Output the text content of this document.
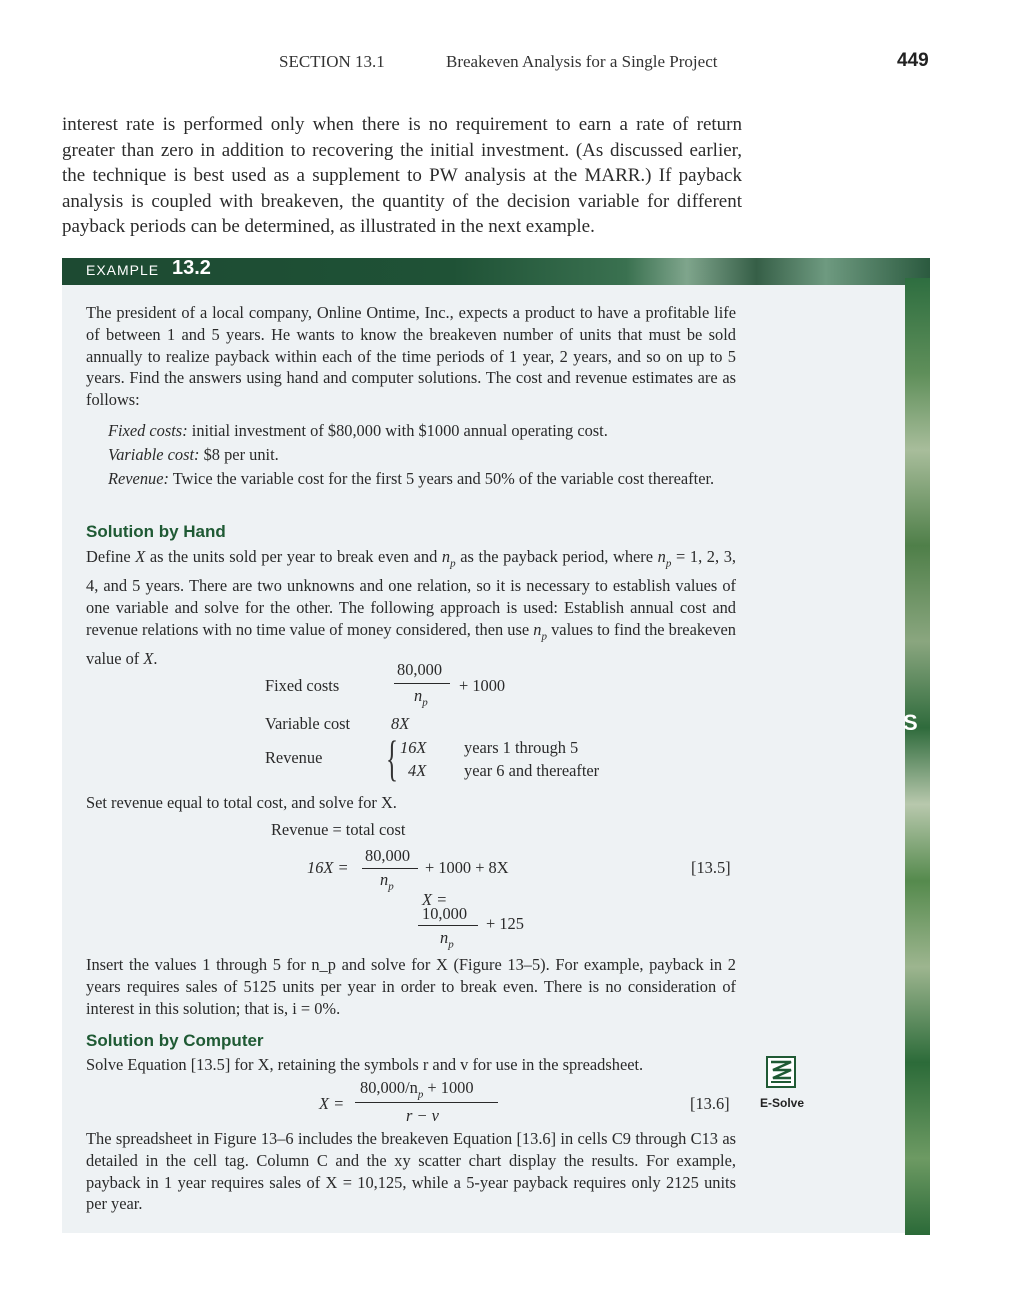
SECTION 13.1	Breakeven Analysis for a Single Project	449
interest rate is performed only when there is no requirement to earn a rate of return greater than zero in addition to recovering the initial investment. (As discussed earlier, the technique is best used as a supplement to PW analysis at the MARR.) If payback analysis is coupled with breakeven, the quantity of the decision variable for different payback periods can be determined, as illustrated in the next example.
EXAMPLE 13.2
S
The president of a local company, Online Ontime, Inc., expects a product to have a profitable life of between 1 and 5 years. He wants to know the breakeven number of units that must be sold annually to realize payback within each of the time periods of 1 year, 2 years, and so on up to 5 years. Find the answers using hand and computer solutions. The cost and revenue estimates are as follows:
Fixed costs: initial investment of $80,000 with $1000 annual operating cost.
Variable cost: $8 per unit.
Revenue: Twice the variable cost for the first 5 years and 50% of the variable cost thereafter.
Solution by Hand
Define X as the units sold per year to break even and $n_p$ as the payback period, where $n_p = 1$, 2, 3, 4, and 5 years. There are two unknowns and one relation, so it is necessary to establish values of one variable and solve for the other. The following approach is used: Establish annual cost and revenue relations with no time value of money considered, then use $n_p$ values to find the breakeven value of X.
Fixed costs
80,000
$n_p$
+ 1000
Variable cost 8X
Revenue { 16X years 1 through 5
4X year 6 and thereafter
Set revenue equal to total cost, and solve for X.
Revenue = total cost
16X =
80,000
$n_p$
+ 1000 + 8X	[13.5]
X =
10,000
$n_p$
+ 125
Insert the values 1 through 5 for n_p and solve for X (Figure 13–5). For example, payback in 2 years requires sales of 5125 units per year in order to break even. There is no consideration of interest in this solution; that is, i = 0%.
Solution by Computer
Solve Equation [13.5] for X, retaining the symbols r and v for use in the spreadsheet.
X =
$80,000/n_p + 1000$
r − v
[13.6]
The spreadsheet in Figure 13–6 includes the breakeven Equation [13.6] in cells C9 through C13 as detailed in the cell tag. Column C and the xy scatter chart display the results. For example, payback in 1 year requires sales of X = 10,125, while a 5-year payback requires only 2125 units per year.
E-Solve
